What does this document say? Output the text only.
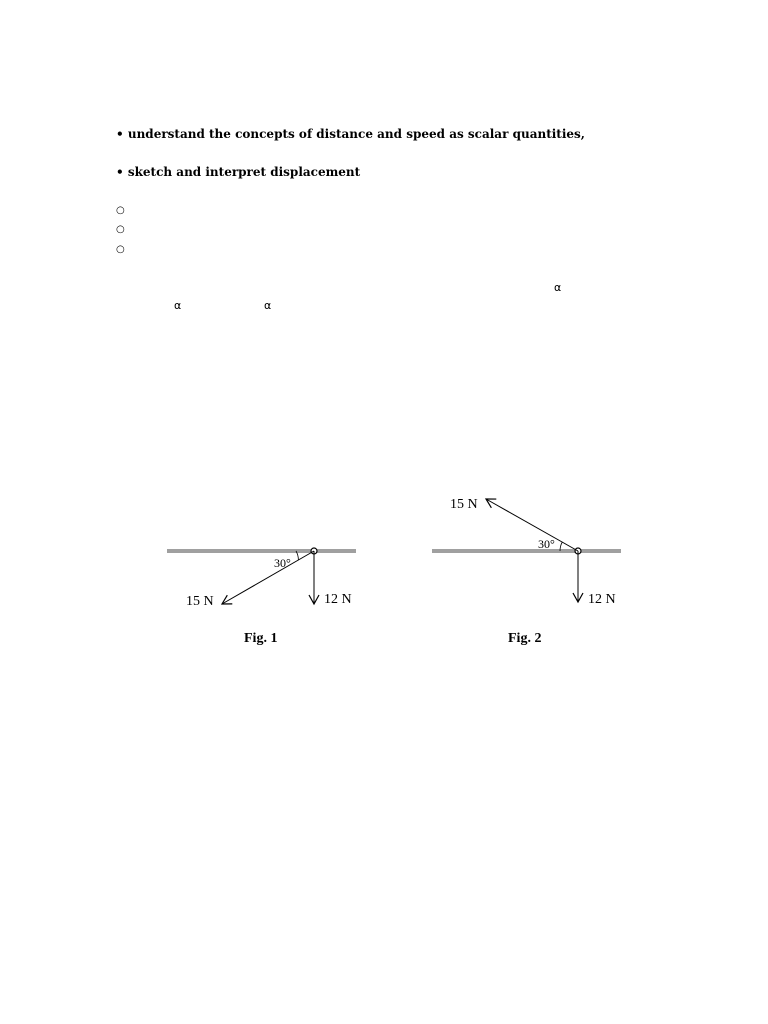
• understand the concepts of distance and speed as scalar quantities,
• sketch and interpret displacement
○
○
○
α
α	α
30°
15 N	12 N
Fig. 1
30°
15 N
12 N
Fig. 2
